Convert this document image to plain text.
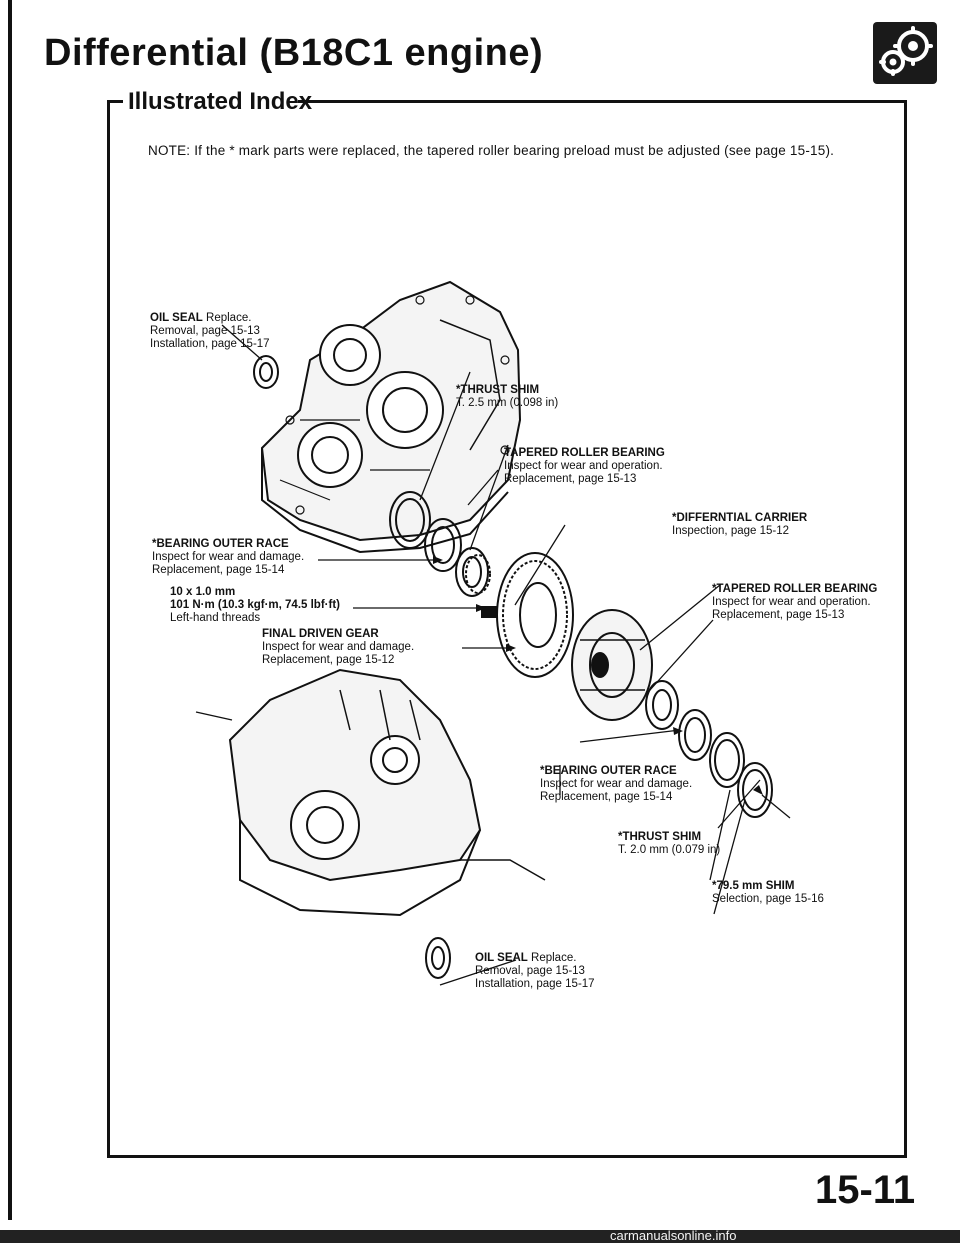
Differential (B18C1 engine)
Illustrated Index
NOTE: If the * mark parts were replaced, the tapered roller bearing preload must be adjusted (see page 15-15).
OIL SEAL Replace.
Removal, page 15-13
Installation, page 15-17
*THRUST SHIM
T. 2.5 mm (0.098 in)
TAPERED ROLLER BEARING
Inspect for wear and operation.
Replacement, page 15-13
*DIFFERNTIAL CARRIER
Inspection, page 15-12
*BEARING OUTER RACE
Inspect for wear and damage.
Replacement, page 15-14
10 x 1.0 mm
101 N·m (10.3 kgf·m, 74.5 lbf·ft)
Left-hand threads
*TAPERED ROLLER BEARING
Inspect for wear and operation.
Replacement, page 15-13
FINAL DRIVEN GEAR
Inspect for wear and damage.
Replacement, page 15-12
*BEARING OUTER RACE
Inspect for wear and damage.
Replacement, page 15-14
*THRUST SHIM
T. 2.0 mm (0.079 in)
*79.5 mm SHIM
Selection, page 15-16
OIL SEAL Replace.
Removal, page 15-13
Installation, page 15-17
15-11
carmanualsonline.info
